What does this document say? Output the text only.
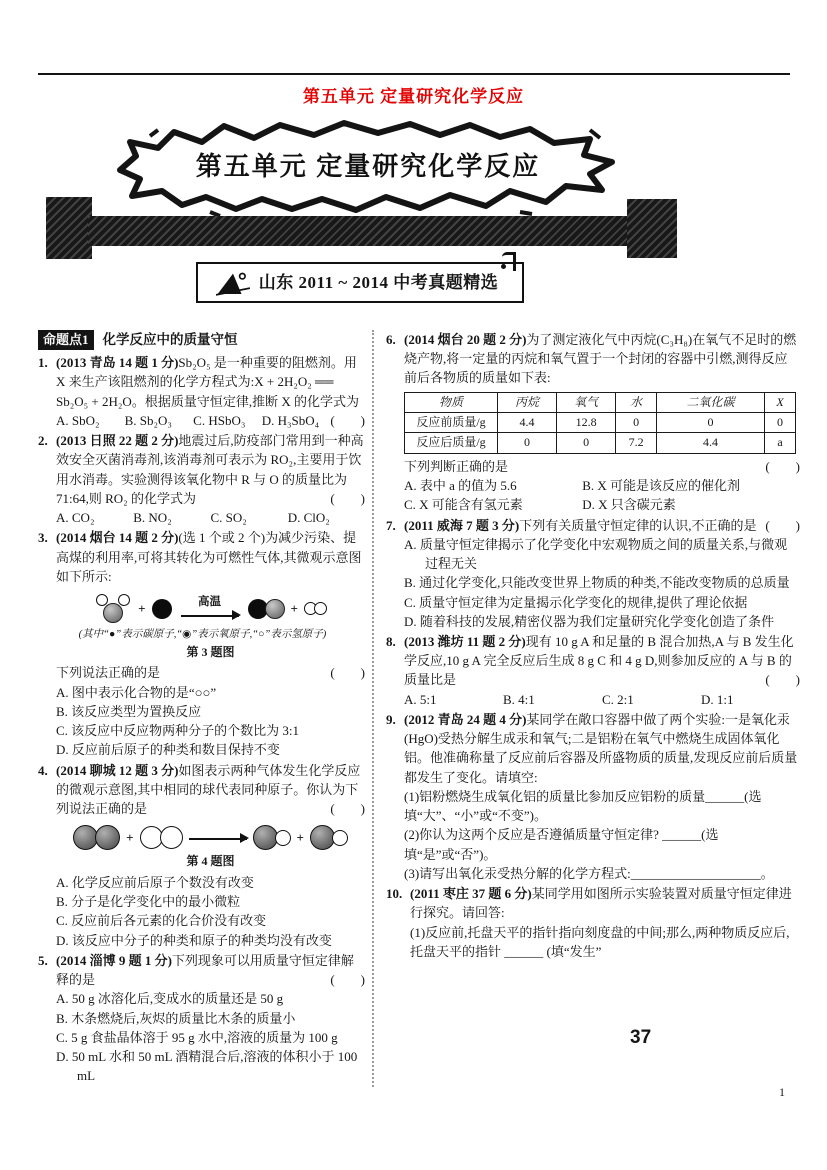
第五单元 定量研究化学反应
第五单元 定量研究化学反应
山东 2011 ~ 2014 中考真题精选
命题点1	化学反应中的质量守恒
1. (2013 青岛 14 题 1 分)Sb₂O₅ 是一种重要的阻燃剂。用 X 来生产该阻燃剂的化学方程式为:X + 2H₂O₂ ══ Sb₂O₅ + 2H₂O。根据质量守恒定律,推断 X 的化学式为
(　　)

A. SbO₂	B. Sb₂O₃	C. HSbO₃	D. H₃SbO₄
2. (2013 日照 22 题 2 分)地震过后,防疫部门常用到一种高效安全灭菌消毒剂,该消毒剂可表示为 RO₂,主要用于饮用水消毒。实验测得该氧化物中 R 与 O 的质量比为 71:64,则 RO₂ 的化学式为	(　　)

A. CO₂	B. NO₂	C. SO₂	D. ClO₂
3. (2014 烟台 14 题 2 分)(选 1 个或 2 个)为减少污染、提高煤的利用率,可将其转化为可燃性气体,其微观示意图如下所示:

+	高温	+

(其中“●”表示碳原子,“◉”表示氧原子,“○”表示氢原子)

第 3 题图

下列说法正确的是	(　　)

A. 图中表示化合物的是“○○”

B. 该反应类型为置换反应

C. 该反应中反应物两种分子的个数比为 3:1

D. 反应前后原子的种类和数目保持不变

4. (2014 聊城 12 题 3 分)如图表示两种气体发生化学反应的微观示意图,其中相同的球代表同种原子。你认为下列说法正确的是	(　　)

+	+

第 4 题图

A. 化学反应前后原子个数没有改变

B. 分子是化学变化中的最小微粒

C. 反应前后各元素的化合价没有改变

D. 该反应中分子的种类和原子的种类均没有改变

5. (2014 淄博 9 题 1 分)下列现象可以用质量守恒定律解释的是	(　　)

A. 50 g 冰溶化后,变成水的质量还是 50 g

B. 木条燃烧后,灰烬的质量比木条的质量小

C. 5 g 食盐晶体溶于 95 g 水中,溶液的质量为 100 g

D. 50 mL 水和 50 mL 酒精混合后,溶液的体积小于 100 mL

6. (2014 烟台 20 题 2 分)为了测定液化气中丙烷(C₃H₈)在氧气不足时的燃烧产物,将一定量的丙烷和氧气置于一个封闭的容器中引燃,测得反应前后各物质的质量如下表:

物质	丙烷	氧气	水	二氧化碳	X
反应前质量/g	4.4	12.8	0	0	0
反应后质量/g	0	0	7.2	4.4	a

下列判断正确的是	(　　)

A. 表中 a 的值为 5.6	B. X 可能是该反应的催化剂
C. X 可能含有氢元素	D. X 只含碳元素
7. (2011 威海 7 题 3 分)下列有关质量守恒定律的认识,不正确的是 (　　)

A. 质量守恒定律揭示了化学变化中宏观物质之间的质量关系,与微观过程无关

B. 通过化学变化,只能改变世界上物质的种类,不能改变物质的总质量

C. 质量守恒定律为定量揭示化学变化的规律,提供了理论依据

D. 随着科技的发展,精密仪器为我们定量研究化学变化创造了条件

8. (2013 潍坊 11 题 2 分)现有 10 g A 和足量的 B 混合加热,A 与 B 发生化学反应,10 g A 完全反应后生成 8 g C 和 4 g D,则参加反应的 A 与 B 的质量比是	(　　)

A. 5:1	B. 4:1	C. 2:1	D. 1:1
9. (2012 青岛 24 题 4 分)某同学在敞口容器中做了两个实验:一是氧化汞(HgO)受热分解生成汞和氧气;二是铝粉在氧气中燃烧生成固体氧化铝。他准确称量了反应前后容器及所盛物质的质量,发现反应前后质量都发生了变化。请填空:

(1)铝粉燃烧生成氧化铝的质量比参加反应铝粉的质量______(选填“大”、“小”或“不变”)。

(2)你认为这两个反应是否遵循质量守恒定律? ______(选填“是”或“否”)。

(3)请写出氧化汞受热分解的化学方程式:____________________。

10. (2011 枣庄 37 题 6 分)某同学用如图所示实验装置对质量守恒定律进行探究。请回答:

(1)反应前,托盘天平的指针指向刻度盘的中间;那么,两种物质反应后,托盘天平的指针 ______ (填“发生”

37
1
